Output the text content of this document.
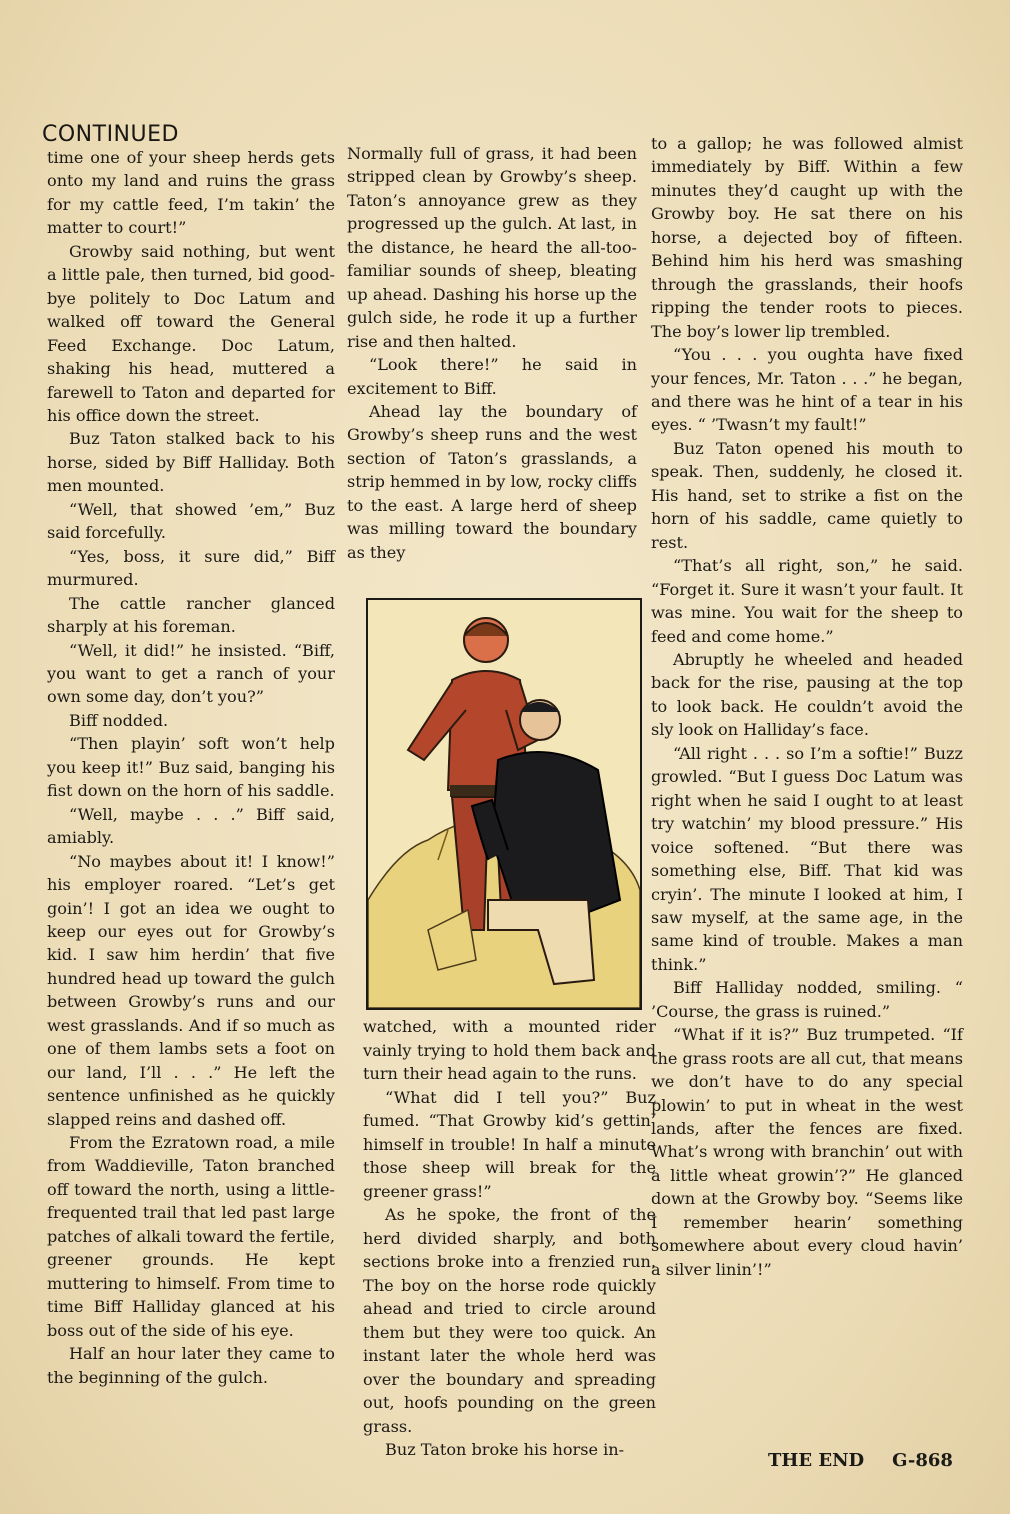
CONTINUED

time one of your sheep herds gets onto my land and ruins the grass for my cattle feed, I’m takin’ the matter to court!”

Growby said nothing, but went a little pale, then turned, bid good-bye politely to Doc Latum and walked off toward the General Feed Exchange. Doc Latum, shaking his head, muttered a farewell to Taton and departed for his office down the street.

Buz Taton stalked back to his horse, sided by Biff Halliday. Both men mounted.

“Well, that showed ’em,” Buz said forcefully.

“Yes, boss, it sure did,” Biff murmured.

The cattle rancher glanced sharply at his foreman.

“Well, it did!” he insisted. “Biff, you want to get a ranch of your own some day, don’t you?”

Biff nodded.

“Then playin’ soft won’t help you keep it!” Buz said, banging his fist down on the horn of his saddle.

“Well, maybe . . .” Biff said, amiably.

“No maybes about it! I know!” his employer roared. “Let’s get goin’! I got an idea we ought to keep our eyes out for Growby’s kid. I saw him herdin’ that five hundred head up toward the gulch between Growby’s runs and our west grasslands. And if so much as one of them lambs sets a foot on our land, I’ll . . .” He left the sentence unfinished as he quickly slapped reins and dashed off.

From the Ezratown road, a mile from Waddieville, Taton branched off toward the north, using a little-frequented trail that led past large patches of alkali toward the fertile, greener grounds. He kept muttering to himself. From time to time Biff Halliday glanced at his boss out of the side of his eye.

Half an hour later they came to the beginning of the gulch.

Normally full of grass, it had been stripped clean by Growby’s sheep. Taton’s annoyance grew as they progressed up the gulch. At last, in the distance, he heard the all-too-familiar sounds of sheep, bleating up ahead. Dashing his horse up the gulch side, he rode it up a further rise and then halted.

“Look there!” he said in excitement to Biff.

Ahead lay the boundary of Growby’s sheep runs and the west section of Taton’s grasslands, a strip hemmed in by low, rocky cliffs to the east. A large herd of sheep was milling toward the boundary as they

watched, with a mounted rider vainly trying to hold them back and turn their head again to the runs.

“What did I tell you?” Buz fumed. “That Growby kid’s gettin’ himself in trouble! In half a minute those sheep will break for the greener grass!”

As he spoke, the front of the herd divided sharply, and both sections broke into a frenzied run. The boy on the horse rode quickly ahead and tried to circle around them but they were too quick. An instant later the whole herd was over the boundary and spreading out, hoofs pounding on the green grass.

Buz Taton broke his horse in-

to a gallop; he was followed almist immediately by Biff. Within a few minutes they’d caught up with the Growby boy. He sat there on his horse, a dejected boy of fifteen. Behind him his herd was smashing through the grasslands, their hoofs ripping the tender roots to pieces. The boy’s lower lip trembled.

“You . . . you oughta have fixed your fences, Mr. Taton . . .” he began, and there was he hint of a tear in his eyes. “ ’Twasn’t my fault!”

Buz Taton opened his mouth to speak. Then, suddenly, he closed it. His hand, set to strike a fist on the horn of his saddle, came quietly to rest.

“That’s all right, son,” he said. “Forget it. Sure it wasn’t your fault. It was mine. You wait for the sheep to feed and come home.”

Abruptly he wheeled and headed back for the rise, pausing at the top to look back. He couldn’t avoid the sly look on Halliday’s face.

“All right . . . so I’m a softie!” Buzz growled. “But I guess Doc Latum was right when he said I ought to at least try watchin’ my blood pressure.” His voice softened. “But there was something else, Biff. That kid was cryin’. The minute I looked at him, I saw myself, at the same age, in the same kind of trouble. Makes a man think.”

Biff Halliday nodded, smiling. “ ’Course, the grass is ruined.”

“What if it is?” Buz trumpeted. “If the grass roots are all cut, that means we don’t have to do any special plowin’ to put in wheat in the west lands, after the fences are fixed. What’s wrong with branchin’ out with a little wheat growin’?” He glanced down at the Growby boy. “Seems like I remember hearin’ something somewhere about every cloud havin’ a silver linin’!”

THE END G-868
